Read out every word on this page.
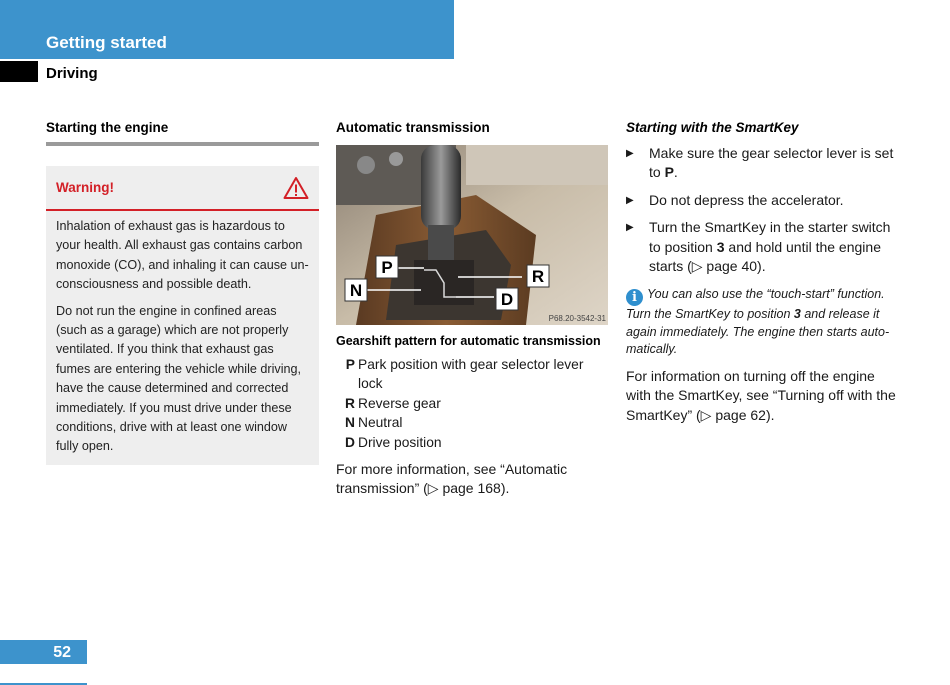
Getting started
Driving
Starting the engine
Warning!

Inhalation of exhaust gas is hazardous to your health. All exhaust gas contains carbon monoxide (CO), and inhaling it can cause un-consciousness and possible death.

Do not run the engine in confined areas (such as a garage) which are not properly ventilated. If you think that exhaust gas fumes are entering the vehicle while driving, have the cause determined and corrected immediately. If you must drive under these conditions, drive with at least one window fully open.

Automatic transmission
P
N
R
D
P68.20-3542-31
Gearshift pattern for automatic transmission
P Park position with gear selector lever lock
R Reverse gear
N Neutral
D Drive position

For more information, see “Automatic transmission” (▷ page 168).

Starting with the SmartKey
▶	Make sure the gear selector lever is set to P.
▶	Do not depress the accelerator.
▶	Turn the SmartKey in the starter switch to position 3 and hold until the engine starts (▷ page 40).

i You can also use the “touch-start” function. Turn the SmartKey to position 3 and release it again immediately. The engine then starts auto-matically.

For information on turning off the engine with the SmartKey, see “Turning off with the SmartKey” (▷ page 62).

52
